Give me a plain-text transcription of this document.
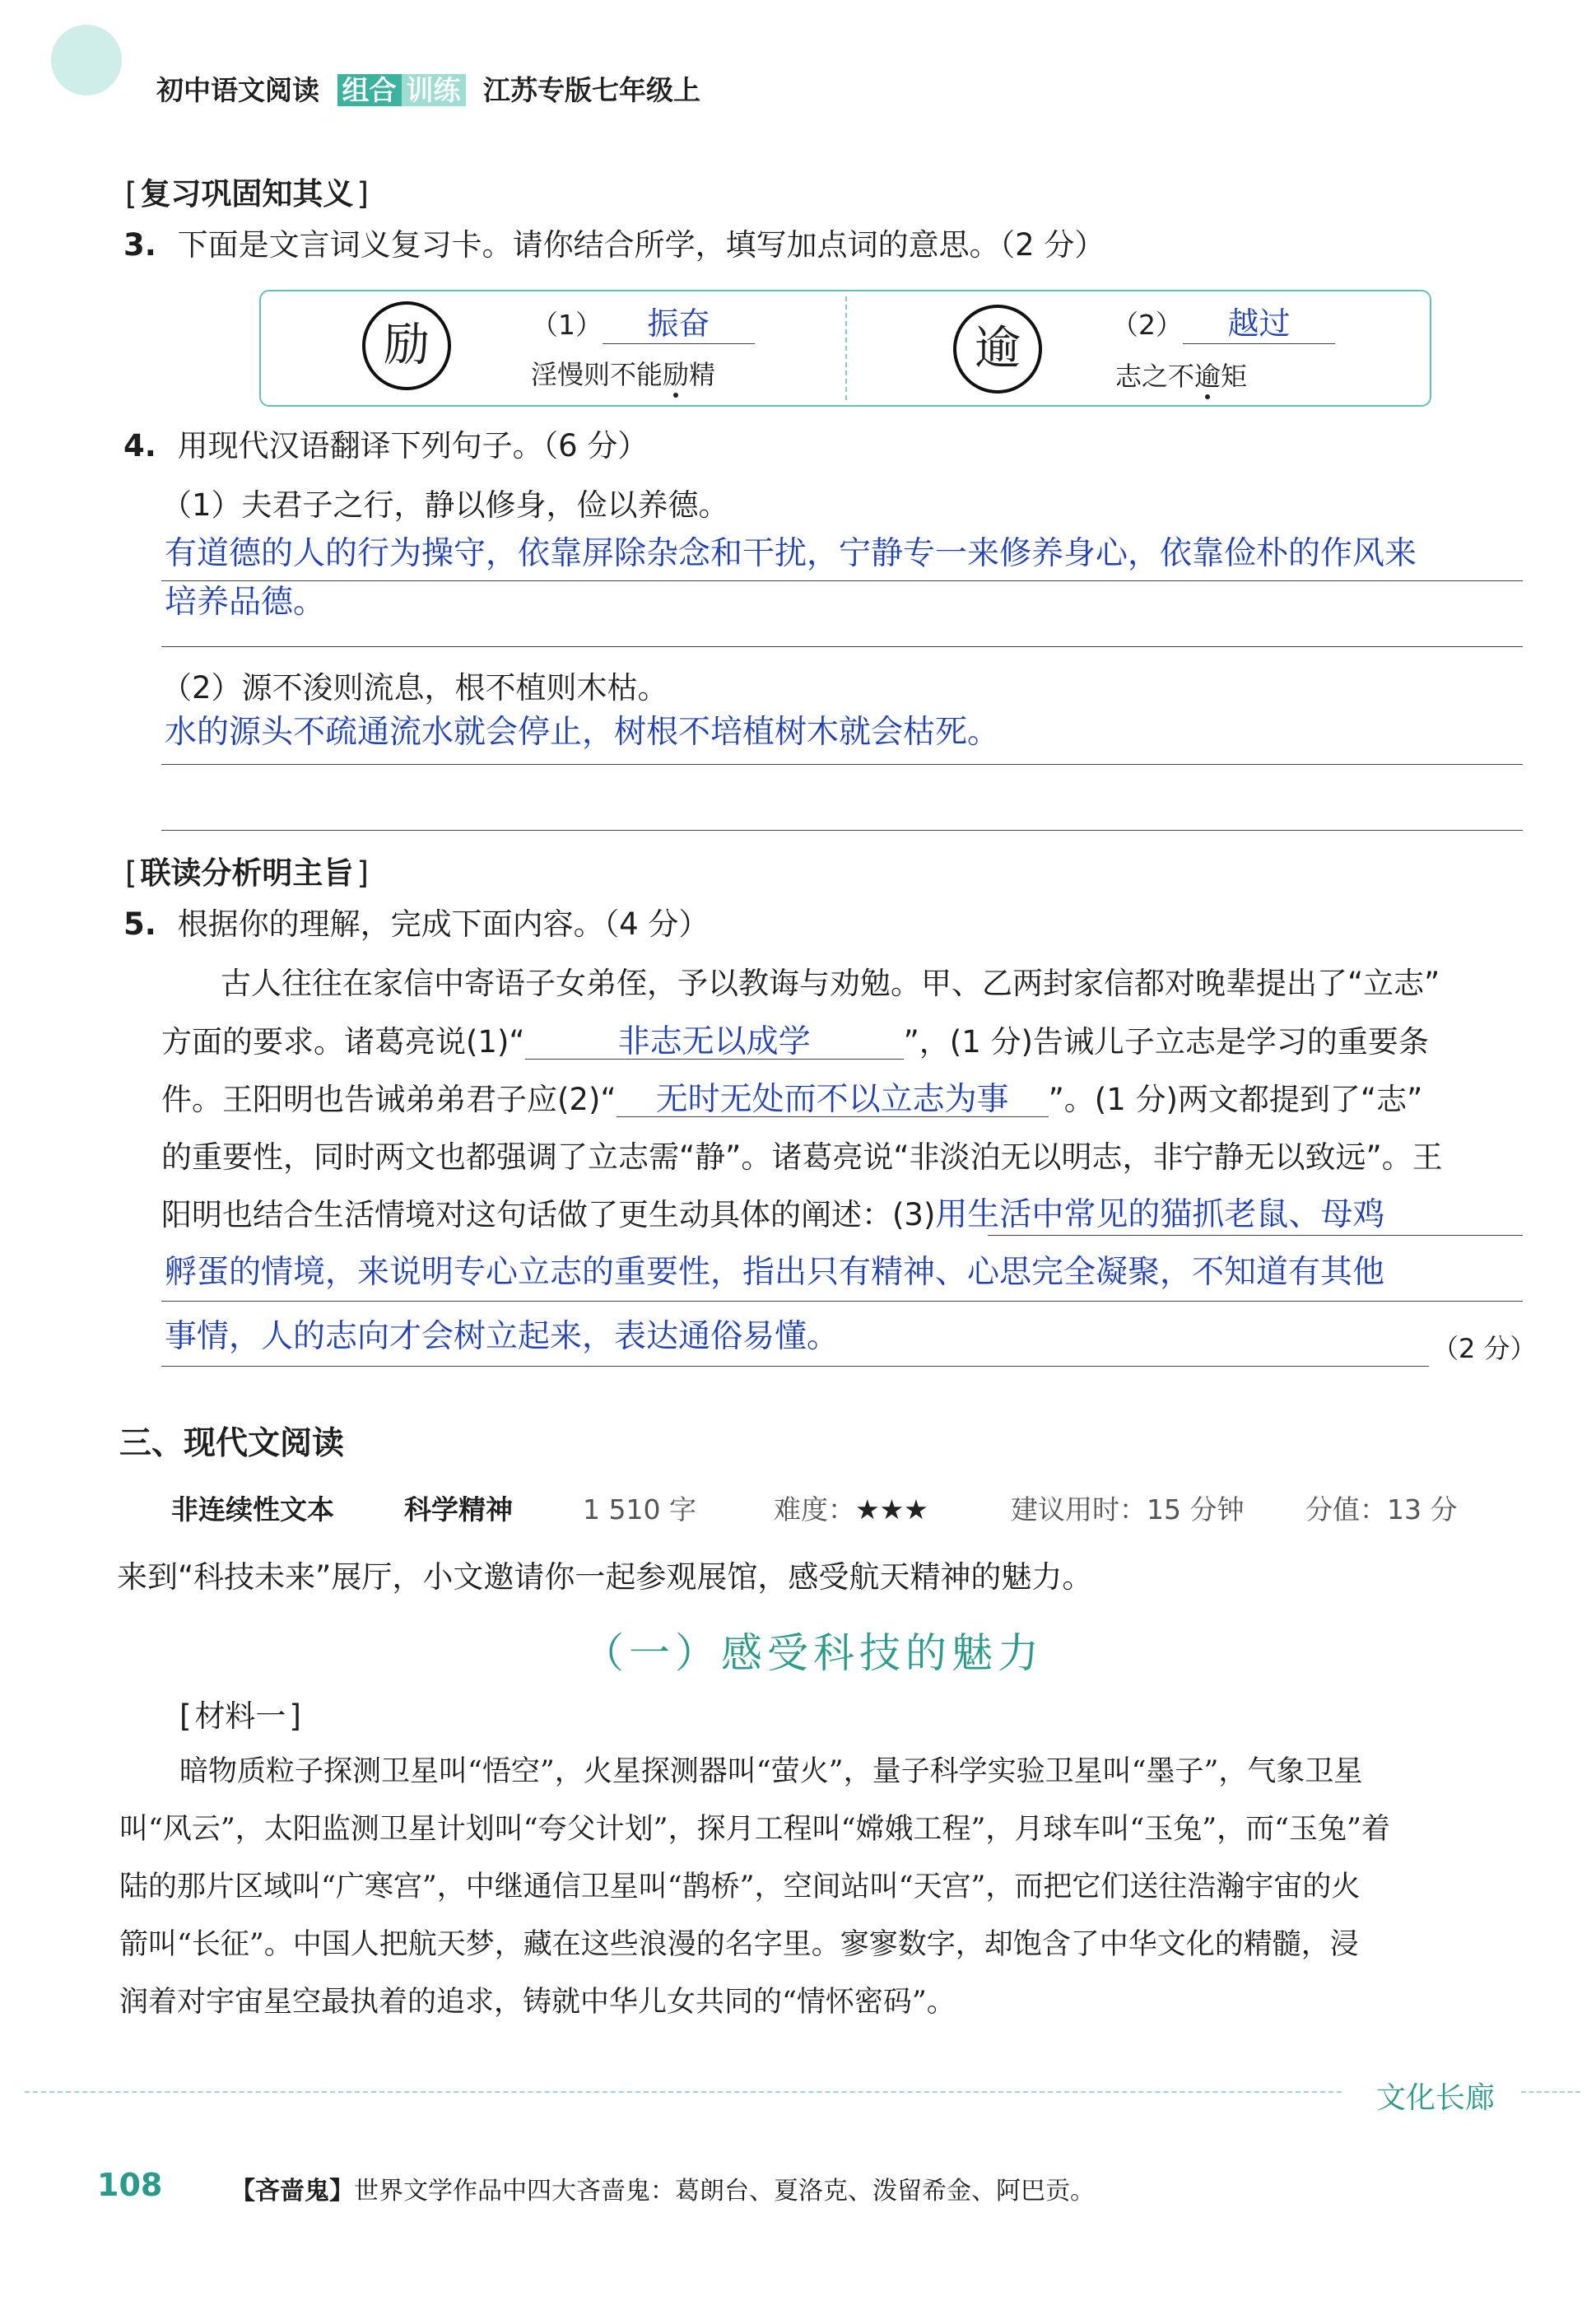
初中语文阅读 组合 训练 江苏专版七年级上
[ 复习巩固知其义 ]
3. 下面是文言词义复习卡。请你结合所学，填写加点词的意思。（2 分）
励	（1） 振奋
淫慢则不能励精	逾	（2） 越过
志之不逾矩
4. 用现代汉语翻译下列句子。（6 分）
（1）夫君子之行，静以修身，俭以养德。
有道德的人的行为操守，依靠屏除杂念和干扰，宁静专一来修养身心，依靠俭朴的作风来
培养品德。
（2）源不浚则流息，根不植则木枯。
水的源头不疏通流水就会停止，树根不培植树木就会枯死。
[ 联读分析明主旨 ]
5. 根据你的理解，完成下面内容。（4 分）
古人往往在家信中寄语子女弟侄，予以教诲与劝勉。甲、乙两封家信都对晚辈提出了“立志”
方面的要求。诸葛亮说(1)“	非志无以成学	”，(1 分)告诫儿子立志是学习的重要条
件。王阳明也告诫弟弟君子应(2)“ 无时无处而不以立志为事 ”。(1 分)两文都提到了“志”
的重要性，同时两文也都强调了立志需“静”。诸葛亮说“非淡泊无以明志，非宁静无以致远”。王
阳明也结合生活情境对这句话做了更生动具体的阐述：(3)用生活中常见的猫抓老鼠、母鸡
孵蛋的情境，来说明专心立志的重要性，指出只有精神、心思完全凝聚，不知道有其他
事情，人的志向才会树立起来，表达通俗易懂。	（2 分）
三、现代文阅读
非连续性文本	科学精神	1 510 字	难度：★★★	建议用时：15 分钟 分值：13 分
来到“科技未来”展厅，小文邀请你一起参观展馆，感受航天精神的魅力。
（一）感受科技的魅力
[ 材料一 ]
暗物质粒子探测卫星叫“悟空”，火星探测器叫“萤火”，量子科学实验卫星叫“墨子”，气象卫星
叫“风云”，太阳监测卫星计划叫“夸父计划”，探月工程叫“嫦娥工程”，月球车叫“玉兔”，而“玉兔”着
陆的那片区域叫“广寒宫”，中继通信卫星叫“鹊桥”，空间站叫“天宫”，而把它们送往浩瀚宇宙的火
箭叫“长征”。中国人把航天梦，藏在这些浪漫的名字里。寥寥数字，却饱含了中华文化的精髓，浸
润着对宇宙星空最执着的追求，铸就中华儿女共同的“情怀密码”。
文化长廊
108	【吝啬鬼】世界文学作品中四大吝啬鬼：葛朗台、夏洛克、泼留希金、阿巴贡。
